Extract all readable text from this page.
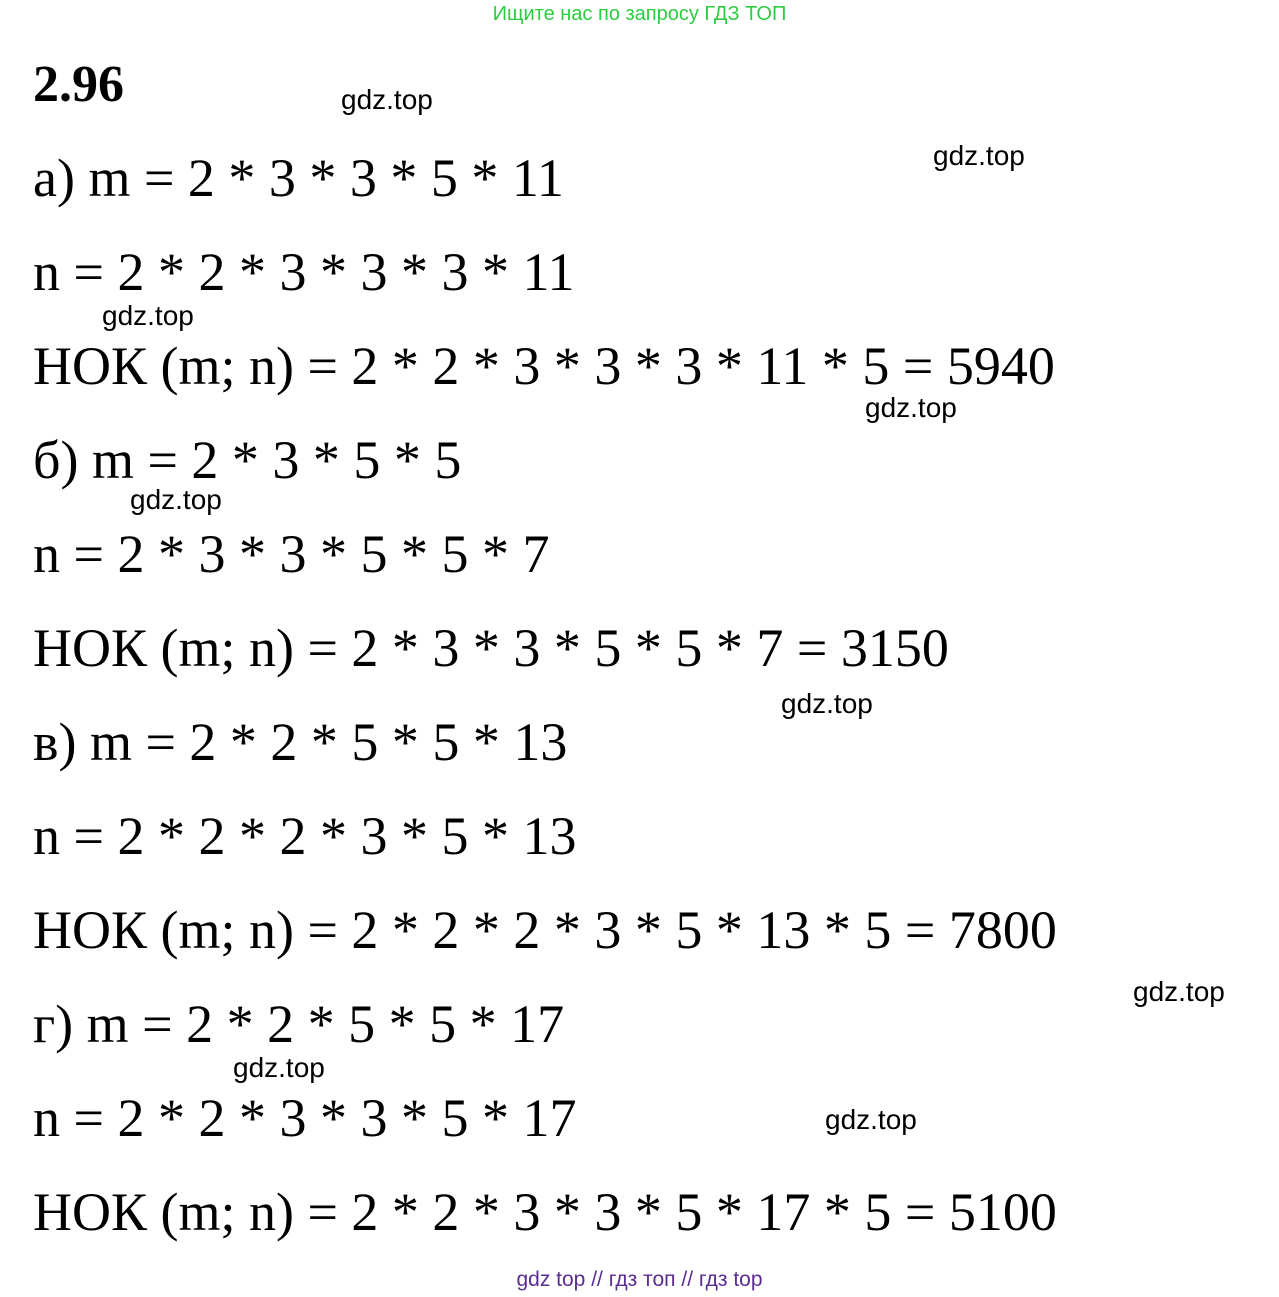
Ищите нас по запросу ГДЗ ТОП
2.96
а) m = 2 * 3 * 3 * 5 * 11
n = 2 * 2 * 3 * 3 * 3 * 11
НОК (m; n) = 2 * 2 * 3 * 3 * 3 * 11 * 5 = 5940
б) m = 2 * 3 * 5 * 5
n = 2 * 3 * 3 * 5 * 5 * 7
НОК (m; n) = 2 * 3 * 3 * 5 * 5 * 7 = 3150
в) m = 2 * 2 * 5 * 5 * 13
n = 2 * 2 * 2 * 3 * 5 * 13
НОК (m; n) = 2 * 2 * 2 * 3 * 5 * 13 * 5 = 7800
г) m = 2 * 2 * 5 * 5 * 17
n = 2 * 2 * 3 * 3 * 5 * 17
НОК (m; n) = 2 * 2 * 3 * 3 * 5 * 17 * 5 = 5100
gdz.top
gdz.top
gdz.top
gdz.top
gdz.top
gdz.top
gdz.top
gdz.top
gdz.top
gdz top // гдз топ // гдз top
